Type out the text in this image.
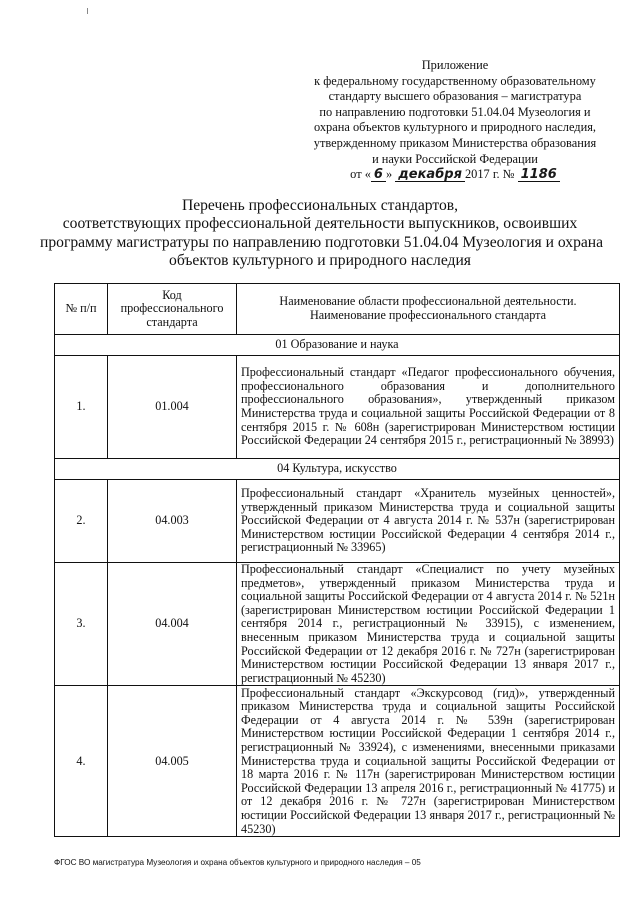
Приложение
к федеральному государственному образовательному
стандарту высшего образования – магистратура
по направлению подготовки 51.04.04 Музеология и
охрана объектов культурного и природного наследия,
утвержденному приказом Министерства образования
и науки Российской Федерации
от « 6 » декабря 2017 г. № 1186
Перечень профессиональных стандартов,
соответствующих профессиональной деятельности выпускников, освоивших
программу магистратуры по направлению подготовки 51.04.04 Музеология и охрана
объектов культурного и природного наследия
№ п/п	Код профессионального стандарта	Наименование области профессиональной деятельности. Наименование профессионального стандарта
01 Образование и наука		
1.	01.004	Профессиональный стандарт «Педагог профессионального обучения, профессионального образования и дополнительного профессионального образования», утвержденный приказом Министерства труда и социальной защиты Российской Федерации от 8 сентября 2015 г. № 608н (зарегистрирован Министерством юстиции Российской Федерации 24 сентября 2015 г., регистрационный № 38993)
04 Культура, искусство		
2.	04.003	Профессиональный стандарт «Хранитель музейных ценностей», утвержденный приказом Министерства труда и социальной защиты Российской Федерации от 4 августа 2014 г. № 537н (зарегистрирован Министерством юстиции Российской Федерации 4 сентября 2014 г., регистрационный № 33965)
3.	04.004	Профессиональный стандарт «Специалист по учету музейных предметов», утвержденный приказом Министерства труда и социальной защиты Российской Федерации от 4 августа 2014 г. № 521н (зарегистрирован Министерством юстиции Российской Федерации 1 сентября 2014 г., регистрационный № 33915), с изменением, внесенным приказом Министерства труда и социальной защиты Российской Федерации от 12 декабря 2016 г. № 727н (зарегистрирован Министерством юстиции Российской Федерации 13 января 2017 г., регистрационный № 45230)
4.	04.005	Профессиональный стандарт «Экскурсовод (гид)», утвержденный приказом Министерства труда и социальной защиты Российской Федерации от 4 августа 2014 г. № 539н (зарегистрирован Министерством юстиции Российской Федерации 1 сентября 2014 г., регистрационный № 33924), с изменениями, внесенными приказами Министерства труда и социальной защиты Российской Федерации от 18 марта 2016 г. № 117н (зарегистрирован Министерством юстиции Российской Федерации 13 апреля 2016 г., регистрационный № 41775) и от 12 декабря 2016 г. № 727н (зарегистрирован Министерством юстиции Российской Федерации 13 января 2017 г., регистрационный № 45230)
ФГОС ВО магистратура Музеология и охрана объектов культурного и природного наследия – 05
